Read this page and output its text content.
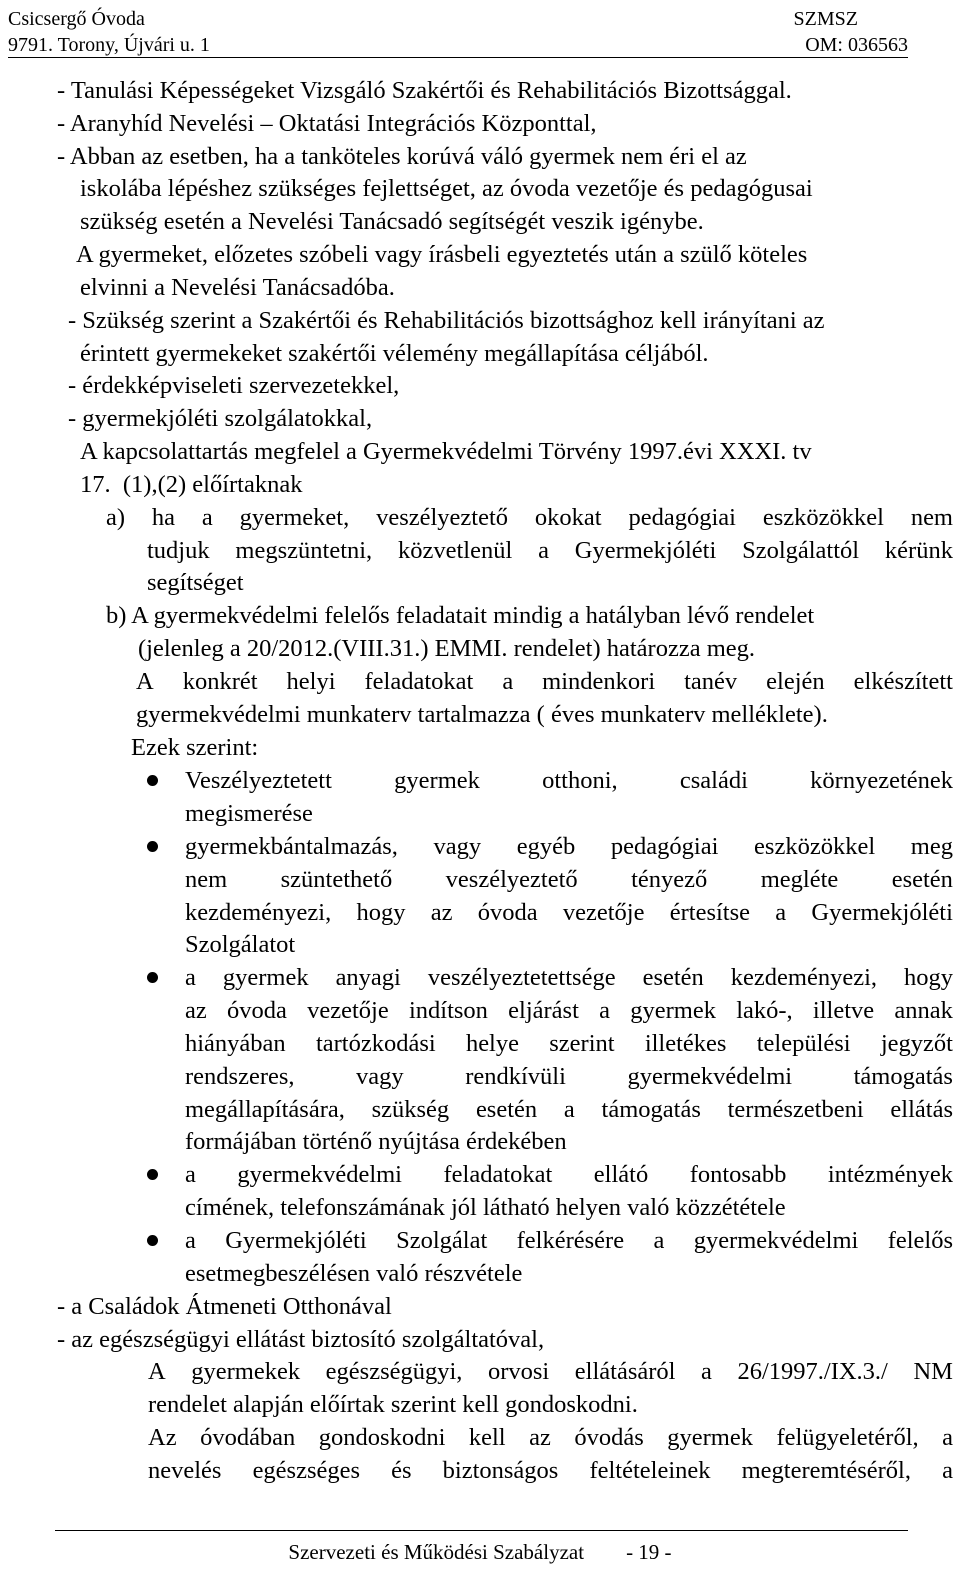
Csicsergő Óvoda	SZMSZ
9791. Torony, Újvári u. 1	OM: 036563
- Tanulási Képességeket Vizsgáló Szakértői és Rehabilitációs Bizottsággal.
- Aranyhíd Nevelési – Oktatási Integrációs Központtal,
- Abban az esetben, ha a tanköteles korúvá váló gyermek nem éri el az
iskolába lépéshez szükséges fejlettséget, az óvoda vezetője és pedagógusai
szükség esetén a Nevelési Tanácsadó segítségét veszik igénybe.
A gyermeket, előzetes szóbeli vagy írásbeli egyeztetés után a szülő köteles
elvinni a Nevelési Tanácsadóba.
- Szükség szerint a Szakértői és Rehabilitációs bizottsághoz kell irányítani az
érintett gyermekeket szakértői vélemény megállapítása céljából.
- érdekképviseleti szervezetekkel,
- gyermekjóléti szolgálatokkal,
A kapcsolattartás megfelel a Gyermekvédelmi Törvény 1997.évi XXXI. tv
17.  (1),(2) előírtaknak
a) ha a gyermeket, veszélyeztető okokat pedagógiai eszközökkel nem
tudjuk megszüntetni, közvetlenül a Gyermekjóléti Szolgálattól kérünk
segítséget
b) A gyermekvédelmi felelős feladatait mindig a hatályban lévő rendelet
(jelenleg a 20/2012.(VIII.31.) EMMI. rendelet) határozza meg.
A konkrét helyi feladatokat a mindenkori tanév elején elkészített
gyermekvédelmi munkaterv tartalmazza ( éves munkaterv melléklete).
Ezek szerint:
Veszélyeztetett	gyermek	otthoni,	családi	környezetének
megismerése
gyermekbántalmazás, vagy egyéb pedagógiai eszközökkel meg
nem szüntethető veszélyeztető tényező megléte esetén
kezdeményezi, hogy az óvoda vezetője értesítse a Gyermekjóléti
Szolgálatot
a gyermek anyagi veszélyeztetettsége esetén kezdeményezi, hogy
az óvoda vezetője indítson eljárást a gyermek lakó-, illetve annak
hiányában tartózkodási helye szerint illetékes települési jegyzőt
rendszeres,	vagy	rendkívüli	gyermekvédelmi	támogatás
megállapítására, szükség esetén a támogatás természetbeni ellátás
formájában történő nyújtása érdekében
a gyermekvédelmi feladatokat ellátó fontosabb intézmények
címének, telefonszámának jól látható helyen való közzététele
a Gyermekjóléti Szolgálat felkérésére a gyermekvédelmi felelős
esetmegbeszélésen való részvétele
- a Családok Átmeneti Otthonával
- az egészségügyi ellátást biztosító szolgáltatóval,
A gyermekek egészségügyi, orvosi ellátásáról a 26/1997./IX.3./ NM
rendelet alapján előírtak szerint kell gondoskodni.
Az óvodában gondoskodni kell az óvodás gyermek felügyeletéről, a
nevelés egészséges és biztonságos feltételeinek megteremtéséről, a
Szervezeti és Működési Szabályzat - 19 -
